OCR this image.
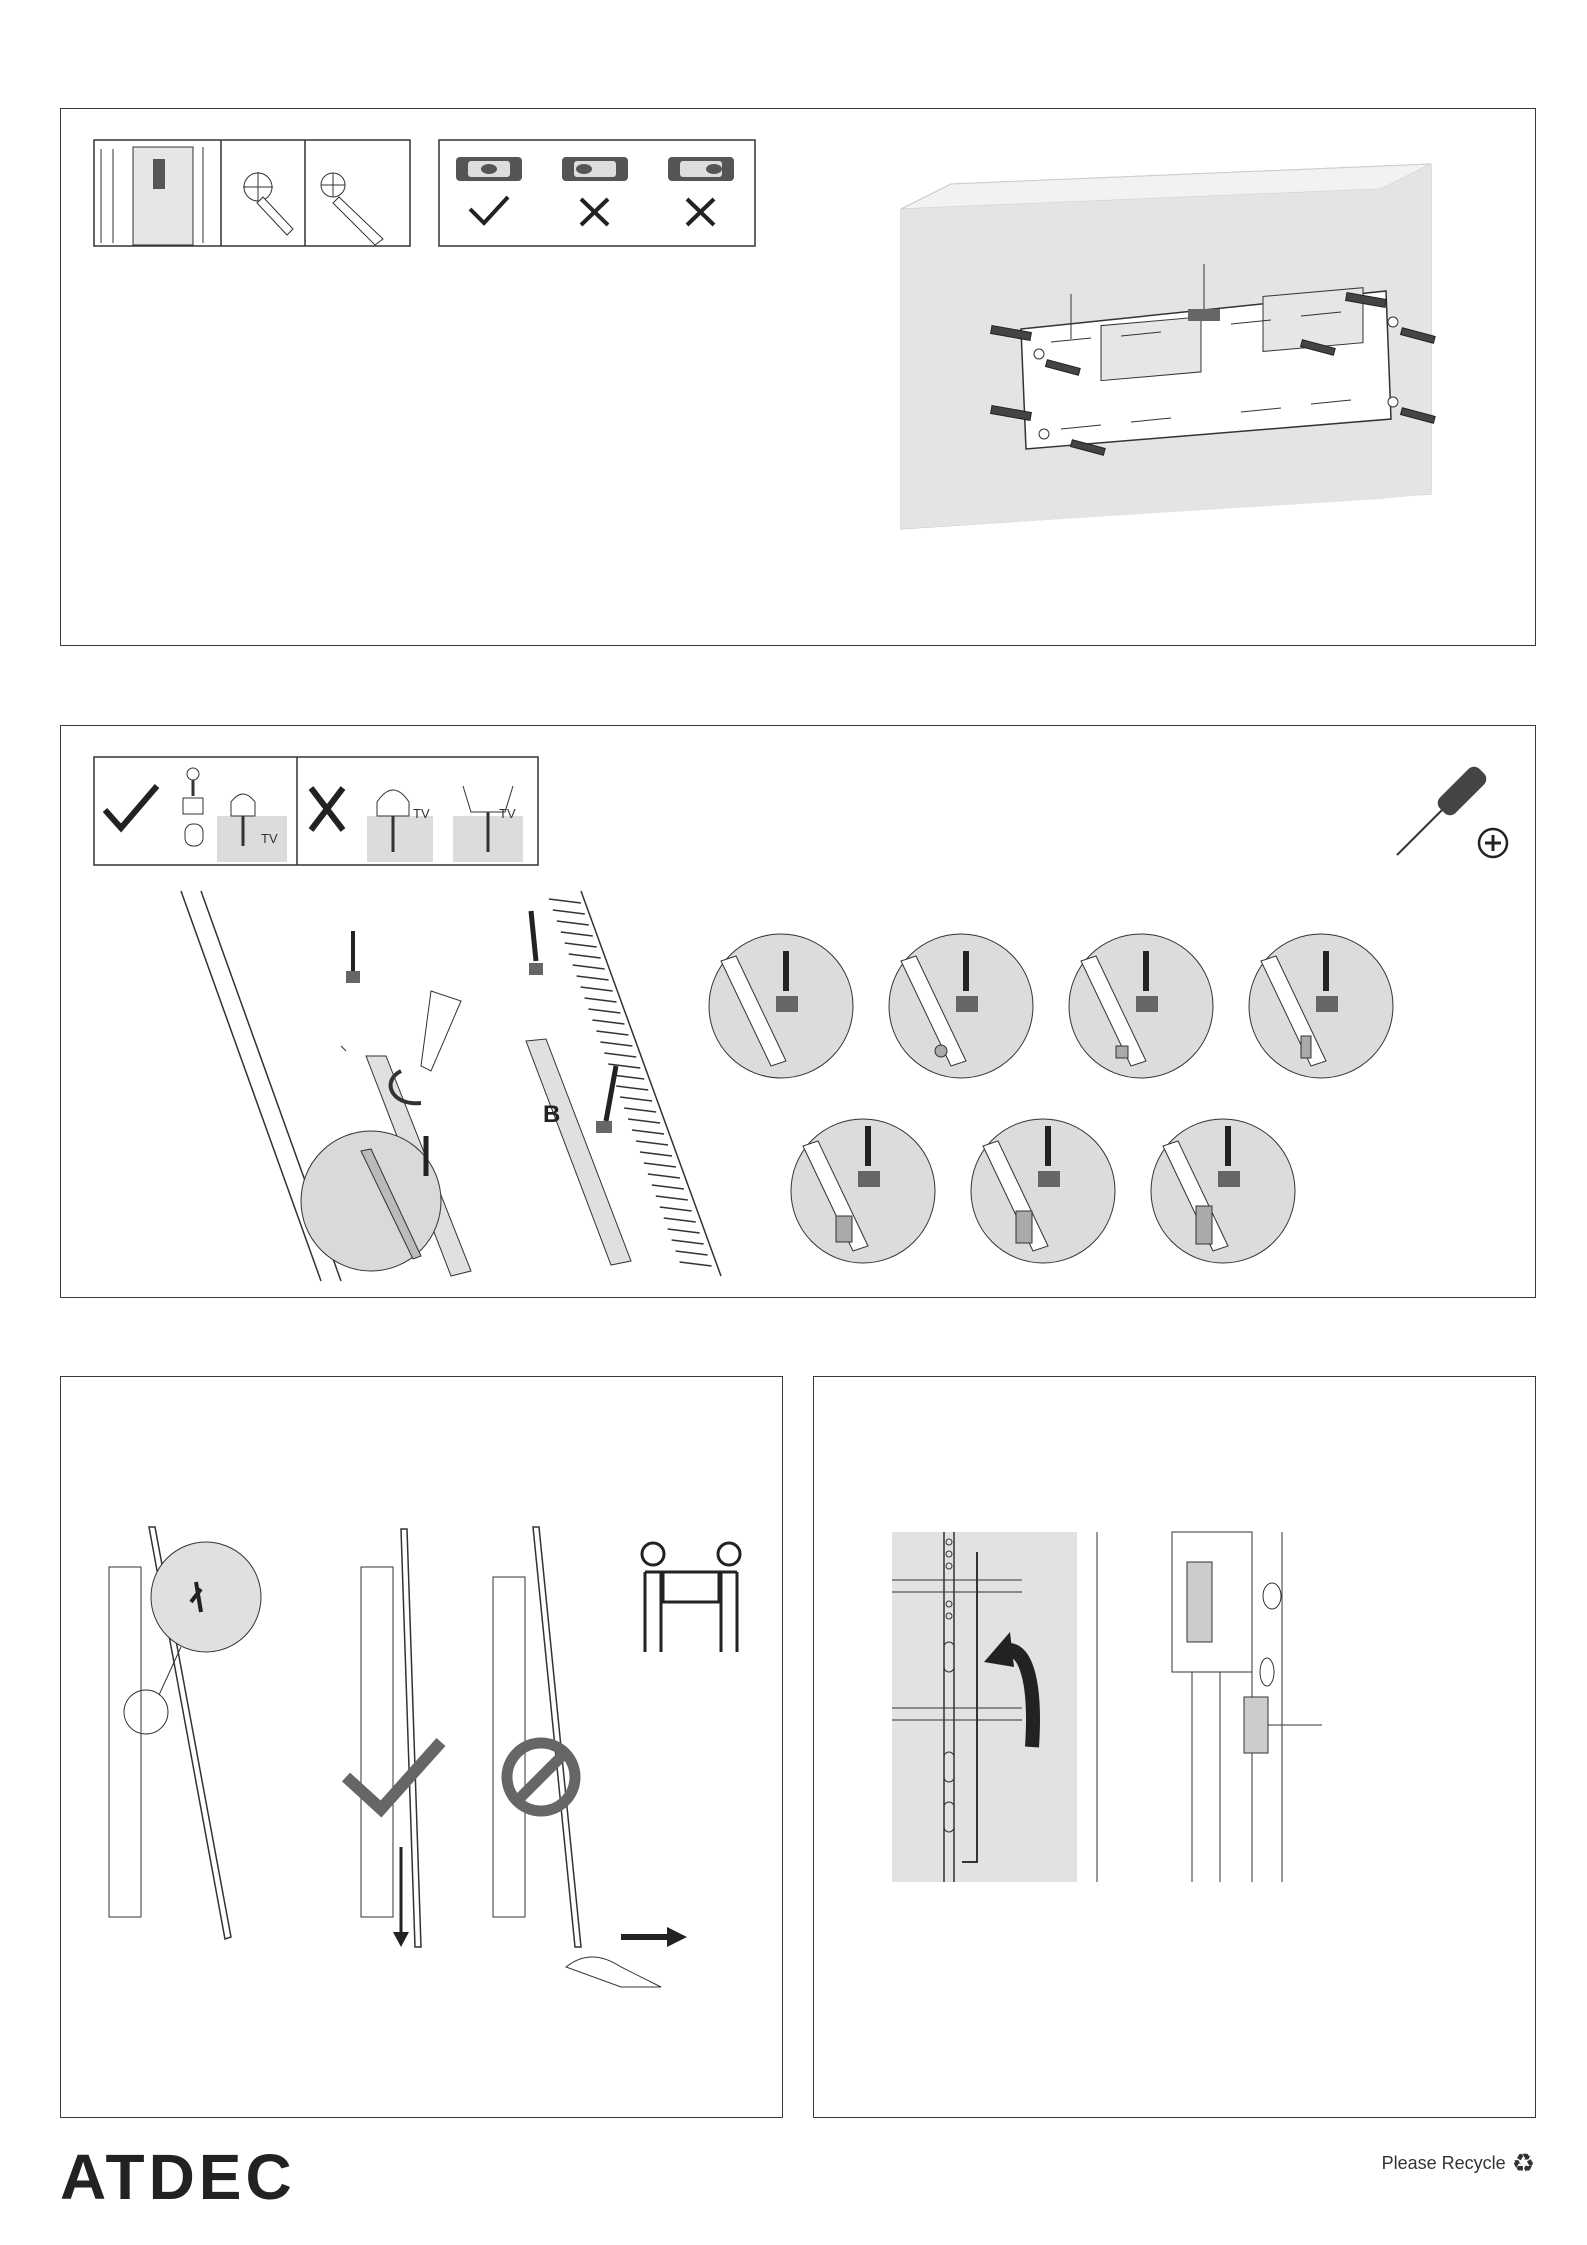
TV
TV	TV
B
ATDEC	Please Recycle ♻
